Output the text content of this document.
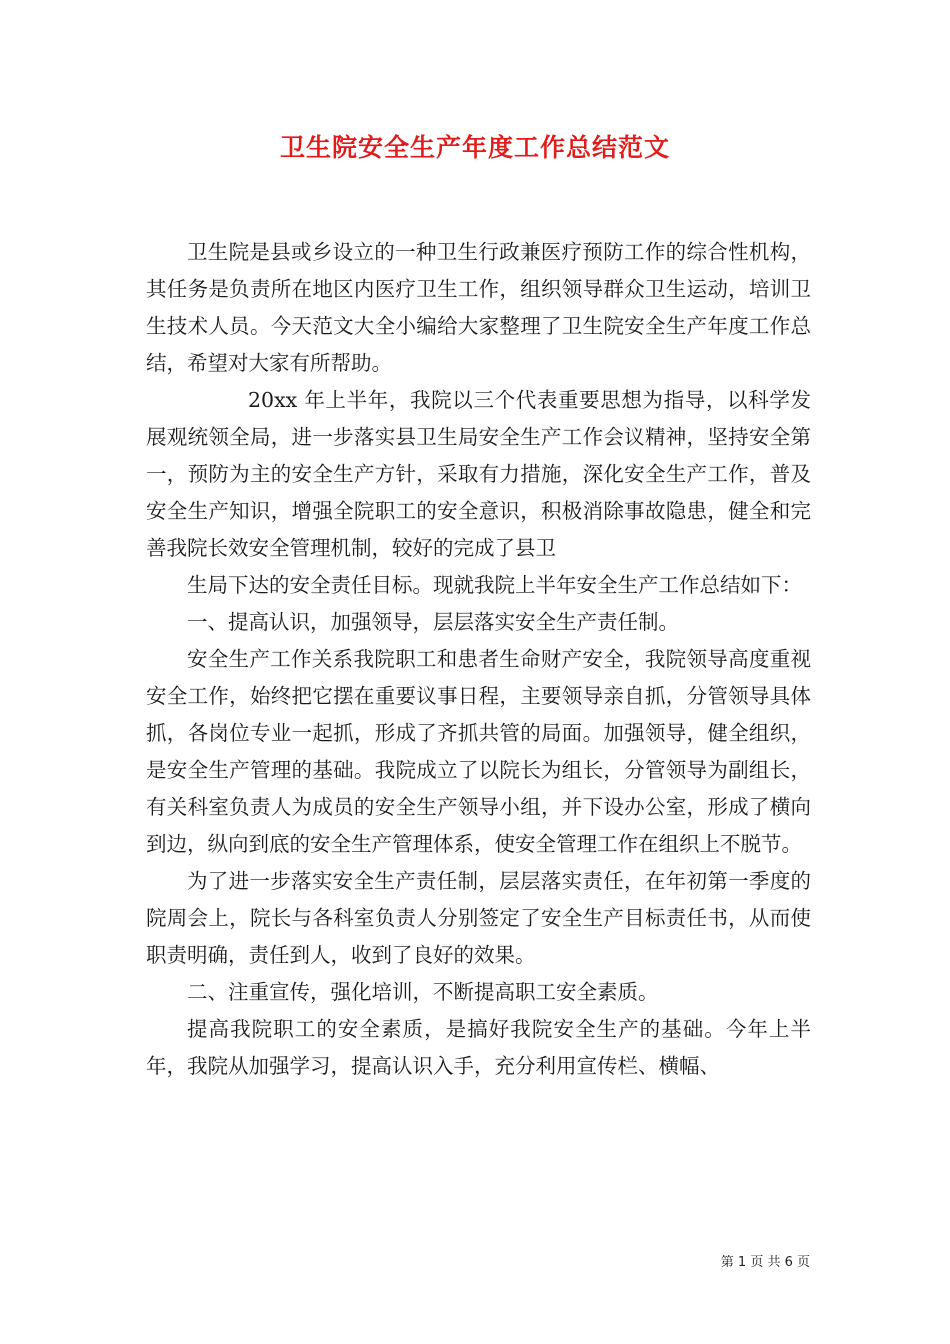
卫生院安全生产年度工作总结范文

卫生院是县或乡设立的一种卫生行政兼医疗预防工作的综合性机构，其任务是负责所在地区内医疗卫生工作，组织领导群众卫生运动，培训卫生技术人员。今天范文大全小编给大家整理了卫生院安全生产年度工作总结，希望对大家有所帮助。

20xx 年上半年，我院以三个代表重要思想为指导，以科学发展观统领全局，进一步落实县卫生局安全生产工作会议精神，坚持安全第一，预防为主的安全生产方针，采取有力措施，深化安全生产工作，普及安全生产知识，增强全院职工的安全意识，积极消除事故隐患，健全和完善我院长效安全管理机制，较好的完成了县卫

生局下达的安全责任目标。现就我院上半年安全生产工作总结如下：

一、提高认识，加强领导，层层落实安全生产责任制。

安全生产工作关系我院职工和患者生命财产安全，我院领导高度重视安全工作，始终把它摆在重要议事日程，主要领导亲自抓，分管领导具体抓，各岗位专业一起抓，形成了齐抓共管的局面。加强领导，健全组织，是安全生产管理的基础。我院成立了以院长为组长，分管领导为副组长，有关科室负责人为成员的安全生产领导小组，并下设办公室，形成了横向到边，纵向到底的安全生产管理体系，使安全管理工作在组织上不脱节。

为了进一步落实安全生产责任制，层层落实责任，在年初第一季度的院周会上，院长与各科室负责人分别签定了安全生产目标责任书，从而使职责明确，责任到人，收到了良好的效果。

二、注重宣传，强化培训，不断提高职工安全素质。

提高我院职工的安全素质，是搞好我院安全生产的基础。今年上半年，我院从加强学习，提高认识入手，充分利用宣传栏、横幅、

第 1 页 共 6 页
